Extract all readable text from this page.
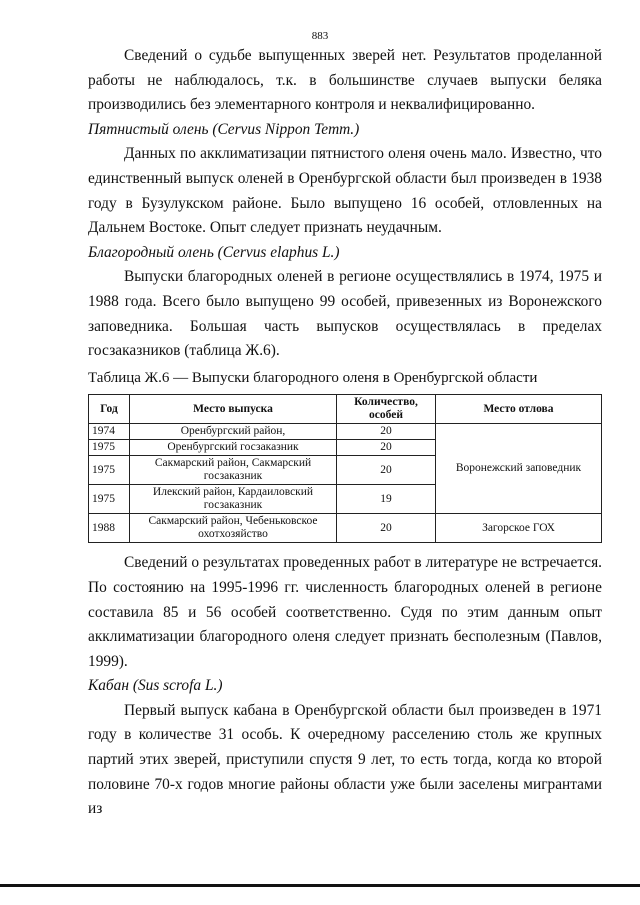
883

Сведений о судьбе выпущенных зверей нет. Результатов проделанной работы не наблюдалось, т.к. в большинстве случаев выпуски беляка производились без элементарного контроля и неквалифицированно.

Пятнистый олень (Cervus Nippon Temm.)

Данных по акклиматизации пятнистого оленя очень мало. Известно, что единственный выпуск оленей в Оренбургской области был произведен в 1938 году в Бузулукском районе. Было выпущено 16 особей, отловленных на Дальнем Востоке. Опыт следует признать неудачным.

Благородный олень (Cervus elaphus L.)

Выпуски благородных оленей в регионе осуществлялись в 1974, 1975 и 1988 года. Всего было выпущено 99 особей, привезенных из Воронежского заповедника. Большая часть выпусков осуществлялась в пределах госзаказников (таблица Ж.6).

Таблица Ж.6 — Выпуски благородного оленя в Оренбургской области

Год	Место выпуска	Количество, особей	Место отлова
1974	Оренбургский район,	20	Воронежский заповедник
1975	Оренбургский госзаказник	20	
1975	Сакмарский район, Сакмарский госзаказник	20	
1975	Илекский район, Кардаиловский госзаказник	19	
1988	Сакмарский район, Чебеньковское охотхозяйство	20	Загорское ГОХ

Сведений о результатах проведенных работ в литературе не встречается. По состоянию на 1995-1996 гг. численность благородных оленей в регионе составила 85 и 56 особей соответственно. Судя по этим данным опыт акклиматизации благородного оленя следует признать бесполезным (Павлов, 1999).

Кабан (Sus scrofa L.)

Первый выпуск кабана в Оренбургской области был произведен в 1971 году в количестве 31 особь. К очередному расселению столь же крупных партий этих зверей, приступили спустя 9 лет, то есть тогда, когда ко второй половине 70-х годов многие районы области уже были заселены мигрантами из
